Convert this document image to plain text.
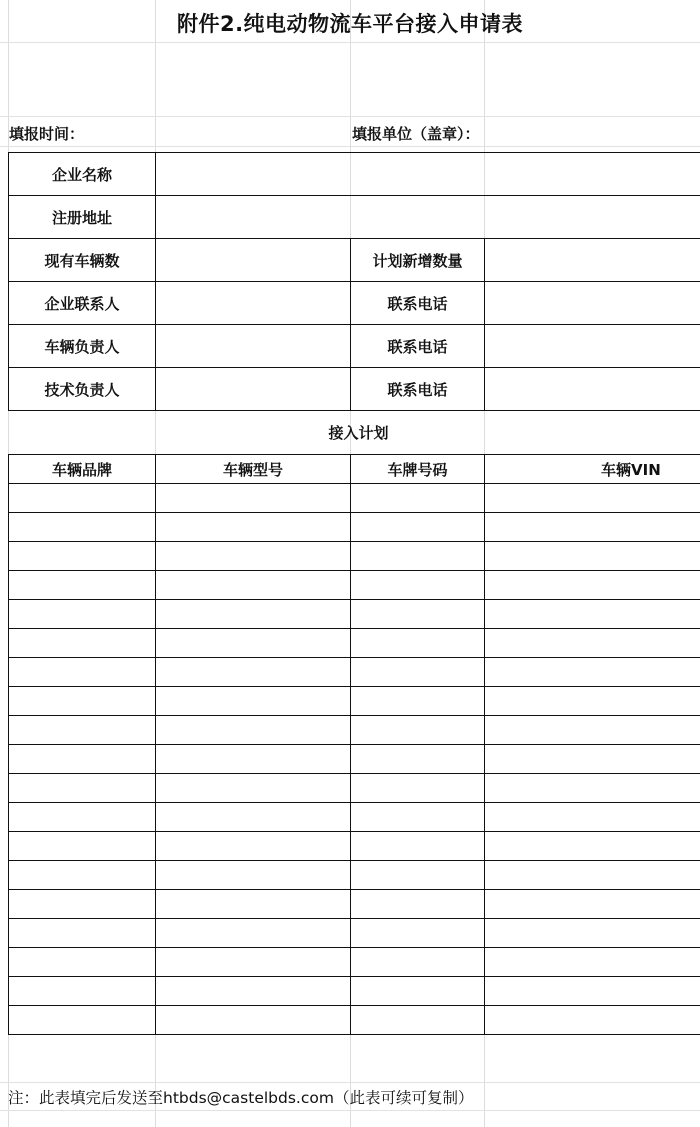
附件2.纯电动物流车平台接入申请表
填报时间：	填报单位（盖章）：
企业名称			
注册地址			
现有车辆数		计划新增数量	
企业联系人		联系电话	
车辆负责人		联系电话	
技术负责人		联系电话	
接入计划			
车辆品牌	车辆型号	车牌号码	车辆VIN

注：此表填完后发送至htbds@castelbds.com（此表可续可复制）
